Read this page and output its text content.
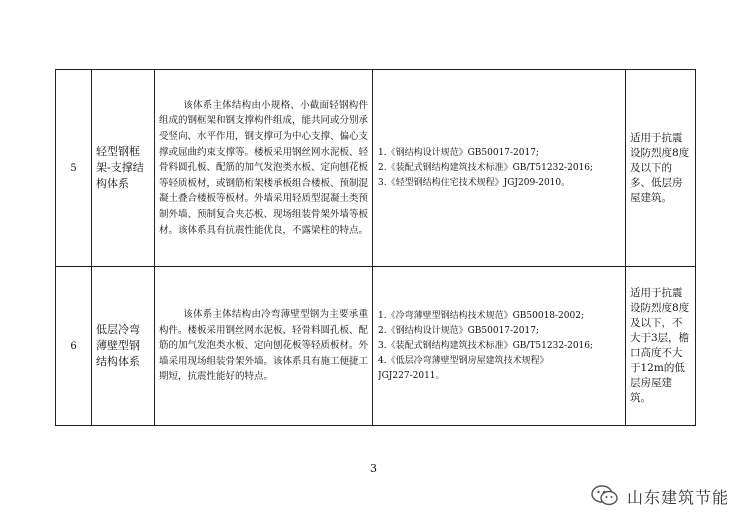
5	轻型钢框架-支撑结构体系	该体系主体结构由小规格、小截面轻钢构件组成的钢框架和钢支撑构件组成，能共同或分别承受竖向、水平作用，钢支撑可为中心支撑、偏心支撑或屈曲约束支撑等。楼板采用钢丝网水泥板、轻骨料圆孔板、配筋的加气发泡类水板、定向刨花板等轻质板材，或钢筋桁架楼承板组合楼板、预制混凝土叠合楼板等板材。外墙采用轻质型混凝土类预制外墙、预制复合夹芯板、现场组装骨架外墙等板材。该体系具有抗震性能优良，不露梁柱的特点。	1.《钢结构设计规范》GB50017-2017;
2.《装配式钢结构建筑技术标准》GB/T51232-2016;
3.《轻型钢结构住宅技术规程》JGJ209-2010。	适用于抗震设防烈度8度及以下的多、低层房屋建筑。
6	低层冷弯薄壁型钢结构体系	该体系主体结构由冷弯薄壁型钢为主要承重构件。楼板采用钢丝网水泥板、轻骨料圆孔板、配筋的加气发泡类水板、定向刨花板等轻质板材。外墙采用现场组装骨架外墙。该体系具有施工便捷工期短，抗震性能好的特点。	1.《冷弯薄壁型钢结构技术规范》GB50018-2002;
2.《钢结构设计规范》GB50017-2017;
3.《装配式钢结构建筑技术标准》GB/T51232-2016;
4.《低层冷弯薄壁型钢房屋建筑技术规程》
JGJ227-2011。	适用于抗震设防烈度8度及以下，不大于3层，檐口高度不大于12m的低层房屋建筑。
3
山东建筑节能
